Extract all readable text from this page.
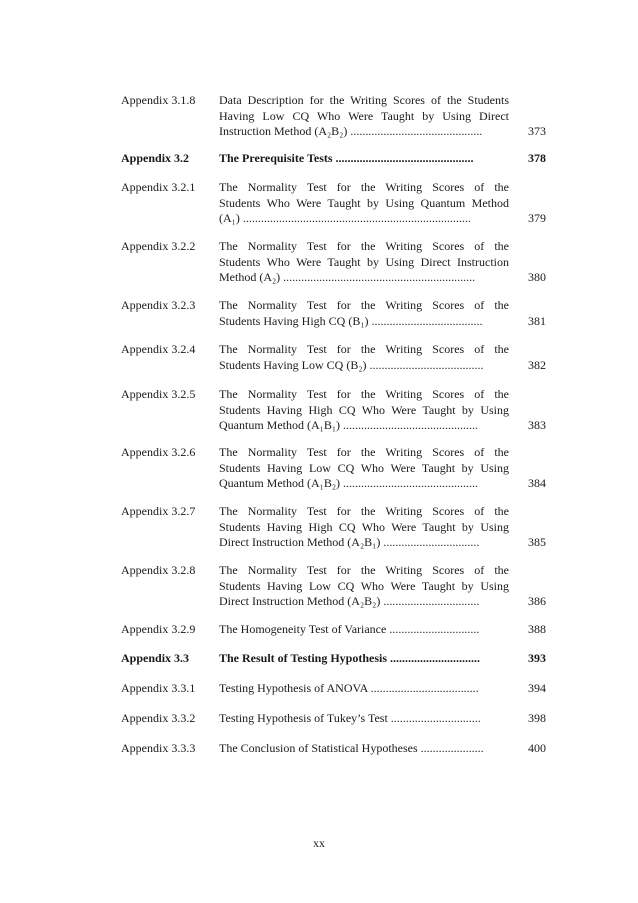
Appendix 3.1.8 Data Description for the Writing Scores of the Students
Having Low CQ Who Were Taught by Using Direct
Instruction Method (A₂B₂) ............................................	373
Appendix 3.2 The Prerequisite Tests ..............................................	378
Appendix 3.2.1 The Normality Test for the Writing Scores of the
Students Who Were Taught by Using Quantum Method
(A₁) ............................................................................	379
Appendix 3.2.2 The Normality Test for the Writing Scores of the
Students Who Were Taught by Using Direct Instruction
Method (A₂) ................................................................	380
Appendix 3.2.3 The Normality Test for the Writing Scores of the
Students Having High CQ (B₁) .....................................	381
Appendix 3.2.4 The Normality Test for the Writing Scores of the
Students Having Low CQ (B₂) ......................................	382
Appendix 3.2.5 The Normality Test for the Writing Scores of the
Students Having High CQ Who Were Taught by Using
Quantum Method (A₁B₁) .............................................	383
Appendix 3.2.6 The Normality Test for the Writing Scores of the
Students Having Low CQ Who Were Taught by Using
Quantum Method (A₁B₂) .............................................	384
Appendix 3.2.7 The Normality Test for the Writing Scores of the
Students Having High CQ Who Were Taught by Using
Direct Instruction Method (A₂B₁) ................................	385
Appendix 3.2.8 The Normality Test for the Writing Scores of the
Students Having Low CQ Who Were Taught by Using
Direct Instruction Method (A₂B₂) ................................	386
Appendix 3.2.9 The Homogeneity Test of Variance ..............................	388
Appendix 3.3 The Result of Testing Hypothesis ..............................	393
Appendix 3.3.1 Testing Hypothesis of ANOVA ....................................	394
Appendix 3.3.2 Testing Hypothesis of Tukey’s Test ..............................	398
Appendix 3.3.3 The Conclusion of Statistical Hypotheses .....................	400
xx
